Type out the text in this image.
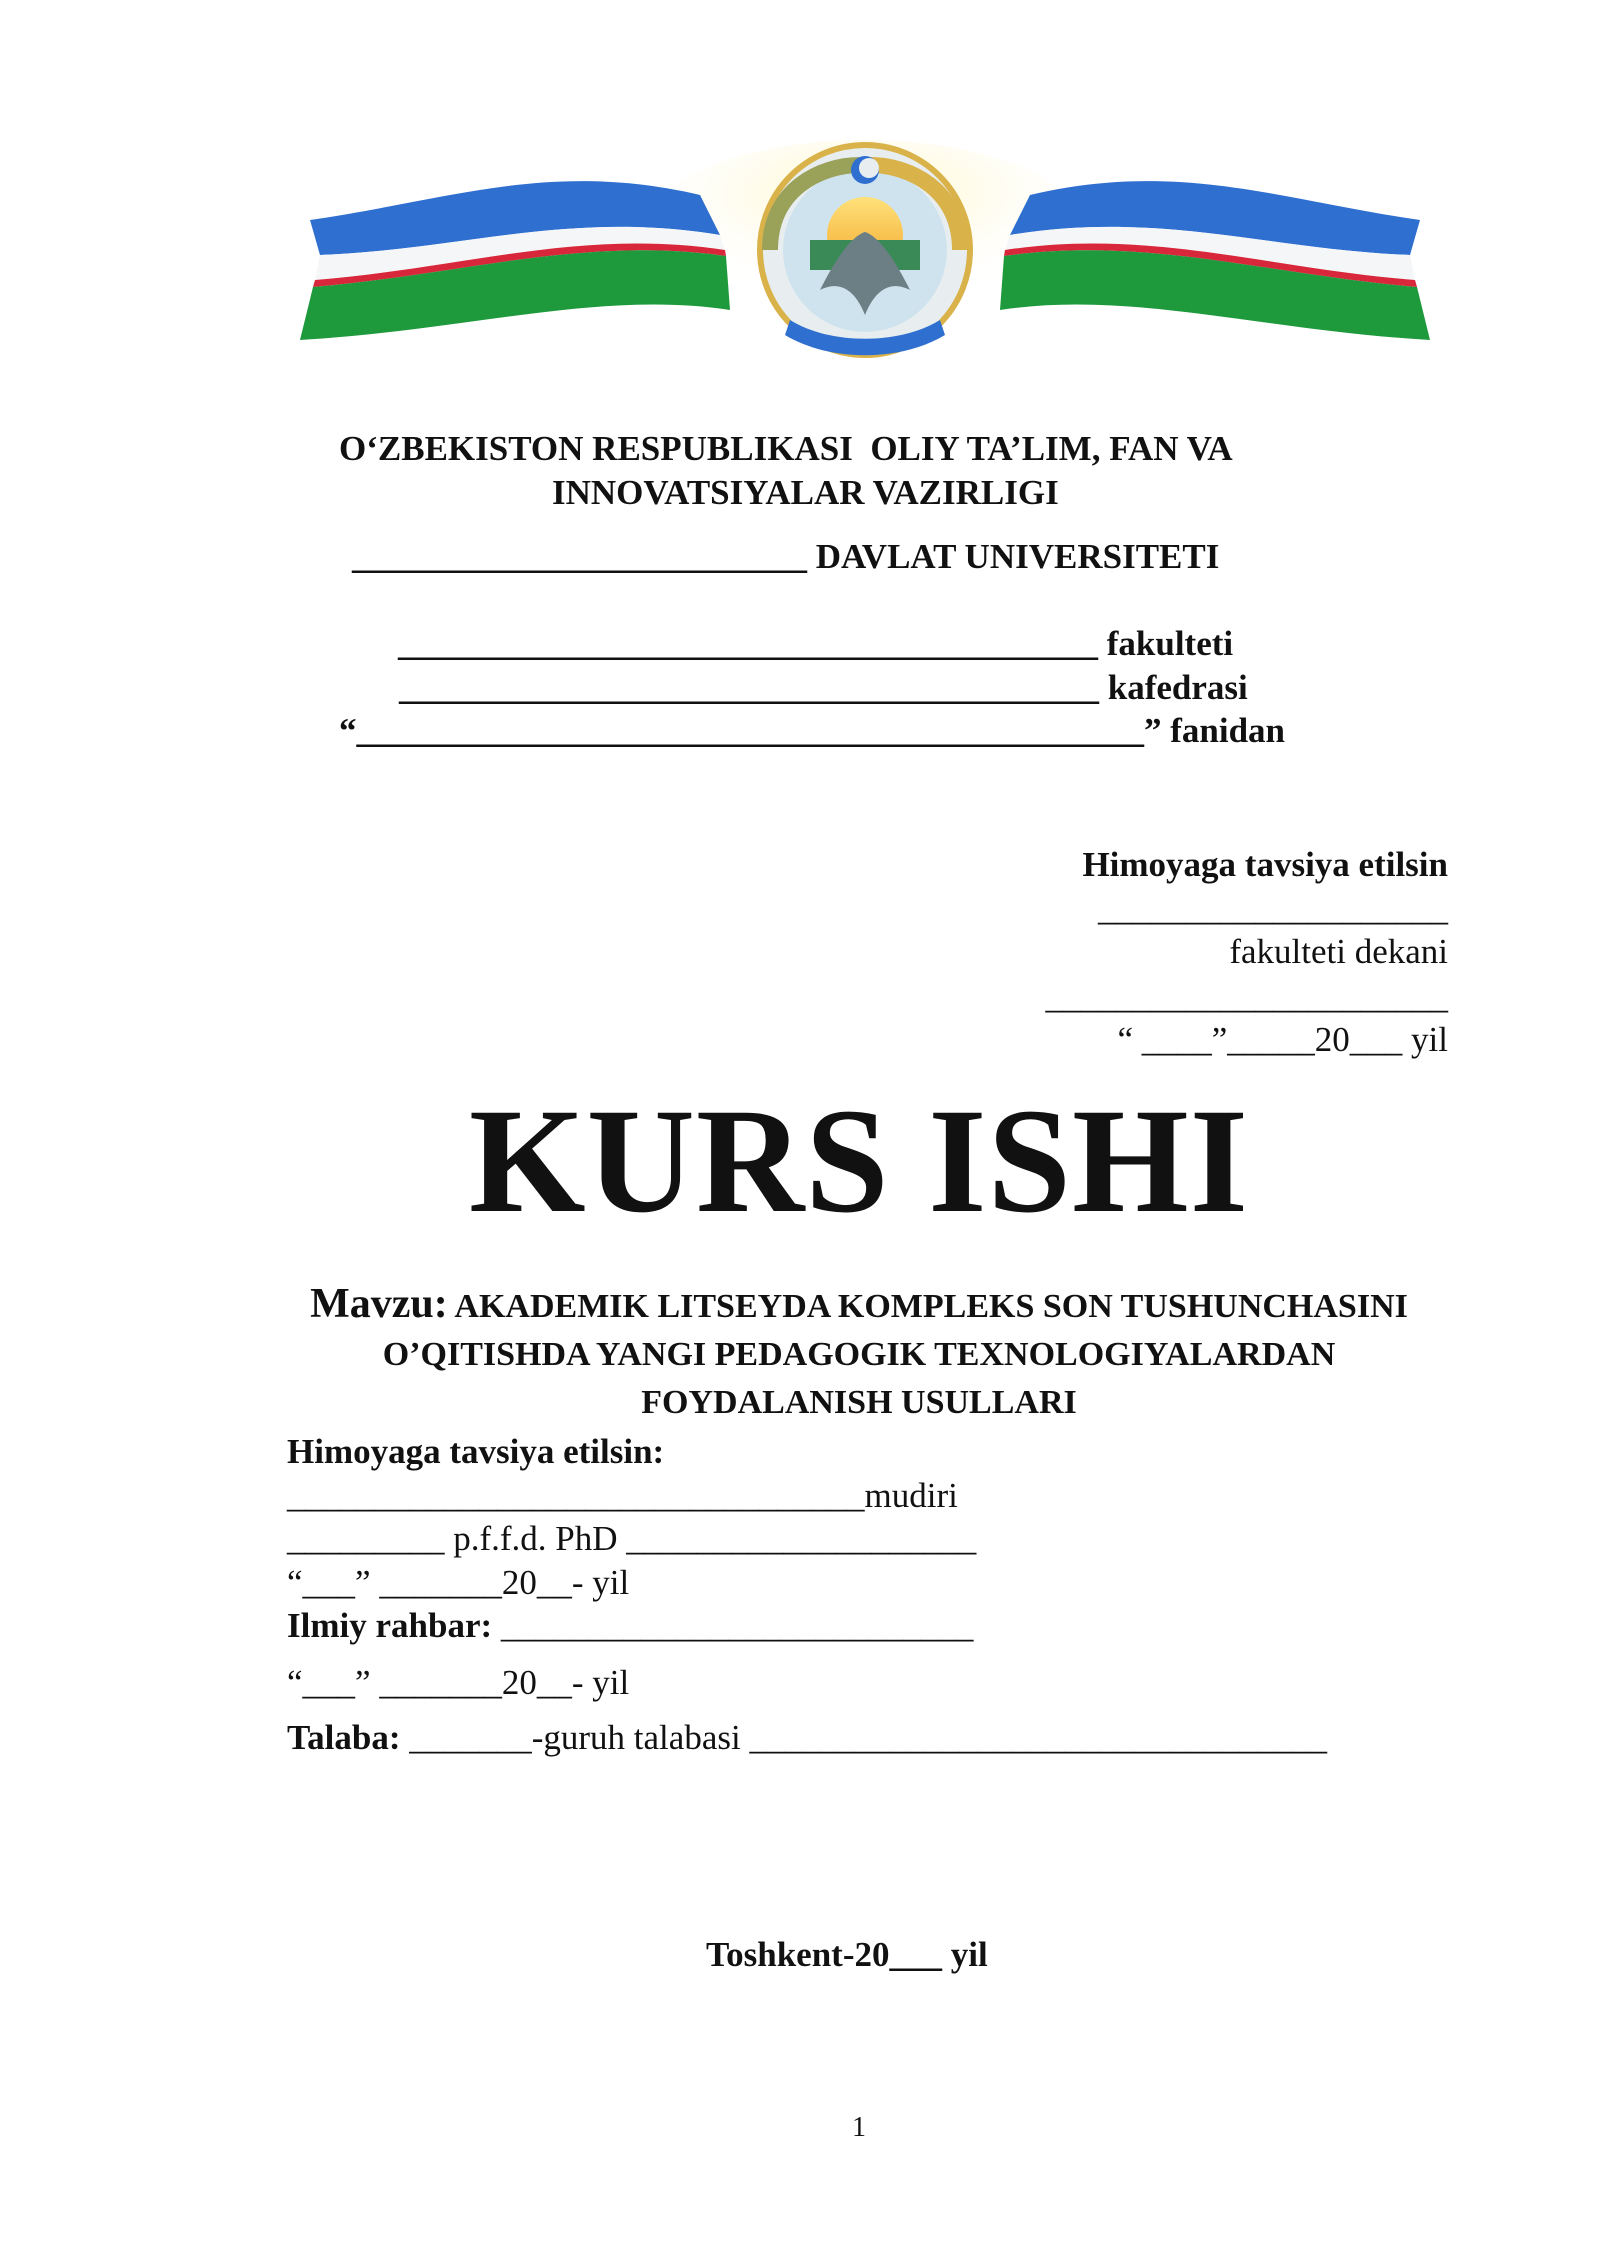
O‘ZBEKISTON RESPUBLIKASI  OLIY TA’LIM, FAN VA
INNOVATSIYALAR VAZIRLIGI
__________________________ DAVLAT UNIVERSITETI
________________________________________ fakulteti
________________________________________ kafedrasi
“_____________________________________________” fanidan
Himoyaga tavsiya etilsin
____________________
fakulteti dekani
_______________________
“ ____”_____20___ yil
KURS ISHI
Mavzu: AKADEMIK LITSEYDA KOMPLEKS SON TUSHUNCHASINI
O’QITISHDA YANGI PEDAGOGIK TEXNOLOGIYALARDAN
FOYDALANISH USULLARI
Himoyaga tavsiya etilsin:
_________________________________mudiri
_________ p.f.f.d. PhD ____________________
“___” _______20__- yil
Ilmiy rahbar: ___________________________
“___” _______20__- yil
Talaba: _______-guruh talabasi _________________________________
Toshkent-20___ yil
1
